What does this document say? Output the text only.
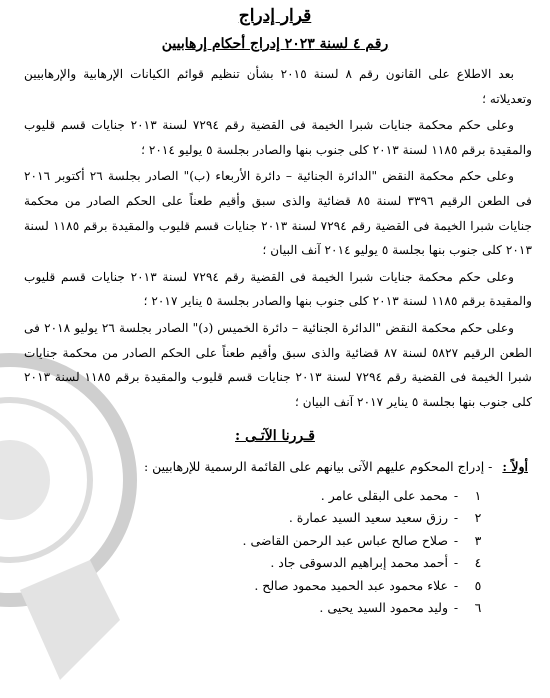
قرار إدراج
رقم ٤ لسنة ٢٠٢٣ إدراج أحكام إرهابيين

بعد الاطلاع على القانون رقم ٨ لسنة ٢٠١٥ بشأن تنظيم قوائم الكيانات الإرهابية والإرهابيين وتعديلاته ؛

وعلى حكم محكمة جنايات شبرا الخيمة فى القضية رقم ٧٢٩٤ لسنة ٢٠١٣ جنايات قسم قليوب والمقيدة برقم ١١٨٥ لسنة ٢٠١٣ كلى جنوب بنها والصادر بجلسة ٥ يوليو ٢٠١٤ ؛

وعلى حكم محكمة النقض "الدائرة الجنائية – دائرة الأربعاء (ب)" الصادر بجلسة ٢٦ أكتوبر ٢٠١٦ فى الطعن الرقيم ٣٣٩٦ لسنة ٨٥ قضائية والذى سبق وأقيم طعناً على الحكم الصادر من محكمة جنايات شبرا الخيمة فى القضية رقم ٧٢٩٤ لسنة ٢٠١٣ جنايات قسم قليوب والمقيدة برقم ١١٨٥ لسنة ٢٠١٣ كلى جنوب بنها بجلسة ٥ يوليو ٢٠١٤ آنف البيان ؛

وعلى حكم محكمة جنايات شبرا الخيمة فى القضية رقم ٧٢٩٤ لسنة ٢٠١٣ جنايات قسم قليوب والمقيدة برقم ١١٨٥ لسنة ٢٠١٣ كلى جنوب بنها والصادر بجلسة ٥ يناير ٢٠١٧ ؛

وعلى حكم محكمة النقض "الدائرة الجنائية – دائرة الخميس (د)" الصادر بجلسة ٢٦ يوليو ٢٠١٨ فى الطعن الرقيم ٥٨٢٧ لسنة ٨٧ قضائية والذى سبق وأقيم طعناً على الحكم الصادر من محكمة جنايات شبرا الخيمة فى القضية رقم ٧٢٩٤ لسنة ٢٠١٣ جنايات قسم قليوب والمقيدة برقم ١١٨٥ لسنة ٢٠١٣ كلى جنوب بنها بجلسة ٥ يناير ٢٠١٧ آنف البيان ؛

قـررنا الآتـى :
أولاً : - إدراج المحكوم عليهم الآتى بيانهم على القائمة الرسمية للإرهابيين :
١
-
محمد على البقلى عامر .
٢
-
رزق سعيد سعيد السيد عمارة .
٣
-
صلاح صالح عباس عبد الرحمن القاضى .
٤
-
أحمد محمد إبراهيم الدسوقى جاد .
٥
-
علاء محمود عبد الحميد محمود صالح .
٦
-
وليد محمود السيد يحيى .
